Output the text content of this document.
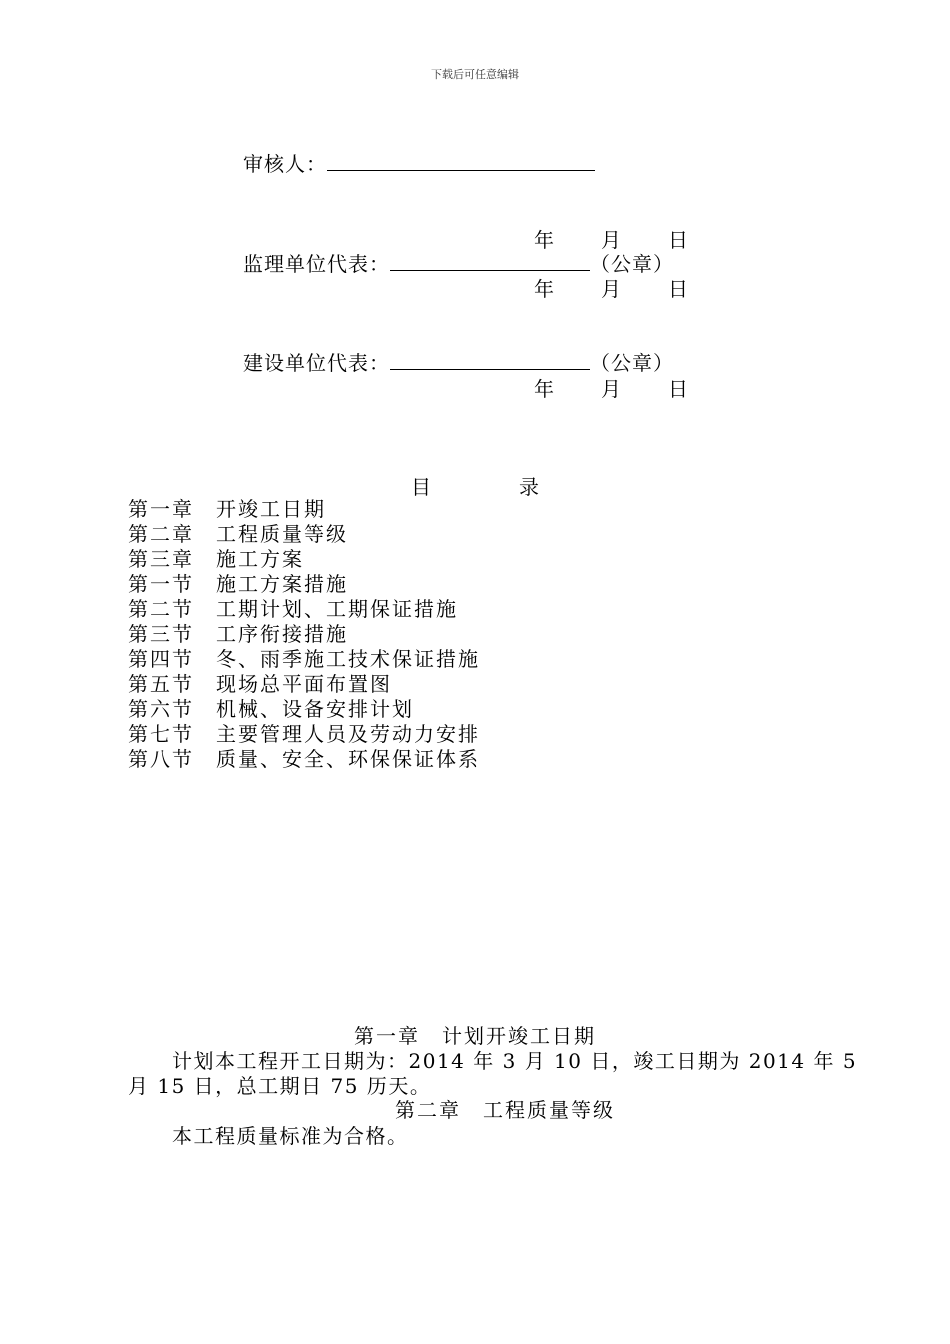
下载后可任意编辑
审核人：
年 月 日
监理单位代表：	（公章）
年 月 日
建设单位代表：	（公章）
年 月 日
目	录
第一章 开竣工日期
第二章 工程质量等级
第三章 施工方案
第一节 施工方案措施
第二节 工期计划、工期保证措施
第三节 工序衔接措施
第四节 冬、雨季施工技术保证措施
第五节 现场总平面布置图
第六节 机械、设备安排计划
第七节 主要管理人员及劳动力安排
第八节 质量、安全、环保保证体系
第一章　计划开竣工日期
计划本工程开工日期为：2014 年 3 月 10 日，竣工日期为 2014 年 5
月 15 日，总工期日 75 历天。
第二章　工程质量等级
本工程质量标准为合格。
